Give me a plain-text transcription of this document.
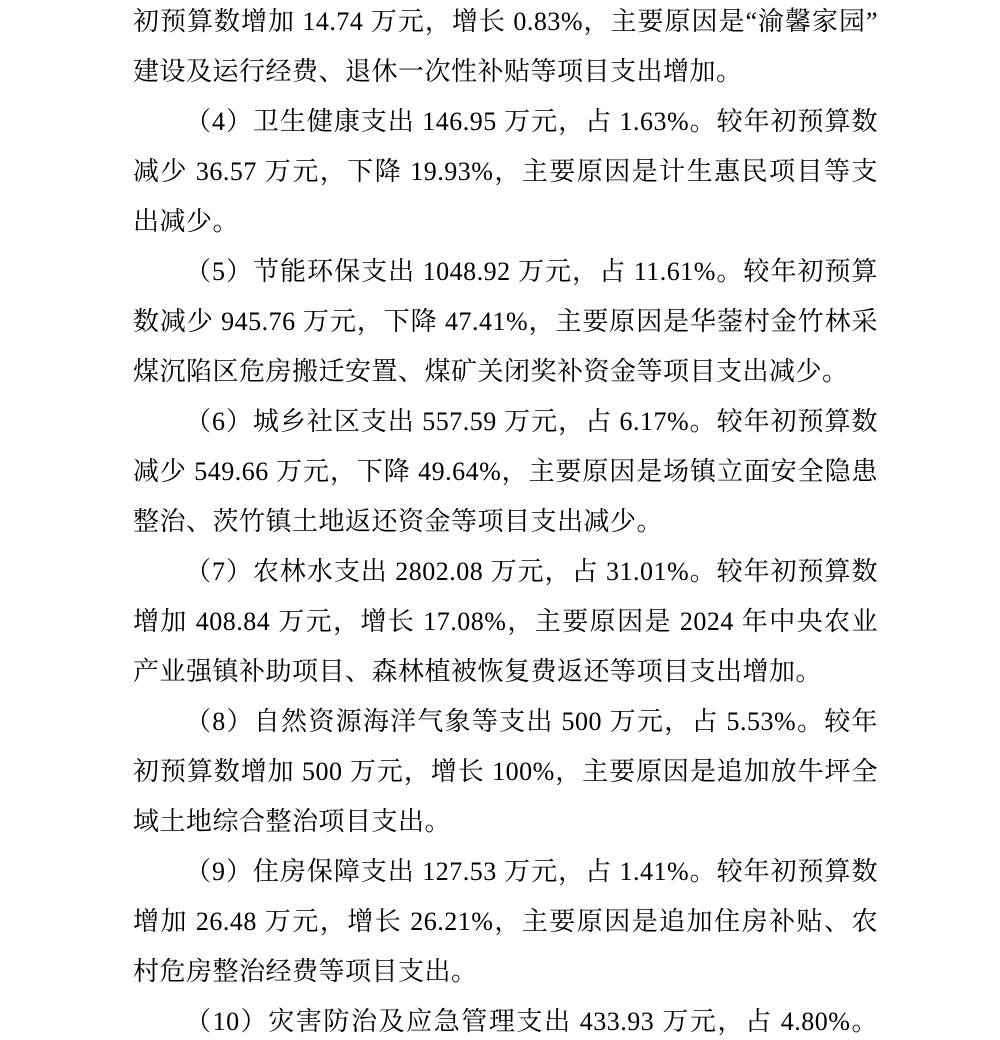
初预算数增加 14.74 万元，增长 0.83%，主要原因是“渝馨家园”
建设及运行经费、退休一次性补贴等项目支出增加。

（4）卫生健康支出 146.95 万元，占 1.63%。较年初预算数
减少 36.57 万元，下降 19.93%，主要原因是计生惠民项目等支
出减少。

（5）节能环保支出 1048.92 万元，占 11.61%。较年初预算
数减少 945.76 万元，下降 47.41%，主要原因是华蓥村金竹林采
煤沉陷区危房搬迁安置、煤矿关闭奖补资金等项目支出减少。

（6）城乡社区支出 557.59 万元，占 6.17%。较年初预算数
减少 549.66 万元，下降 49.64%，主要原因是场镇立面安全隐患
整治、茨竹镇土地返还资金等项目支出减少。

（7）农林水支出 2802.08 万元，占 31.01%。较年初预算数
增加 408.84 万元，增长 17.08%，主要原因是 2024 年中央农业
产业强镇补助项目、森林植被恢复费返还等项目支出增加。

（8）自然资源海洋气象等支出 500 万元，占 5.53%。较年
初预算数增加 500 万元，增长 100%，主要原因是追加放牛坪全
域土地综合整治项目支出。

（9）住房保障支出 127.53 万元，占 1.41%。较年初预算数
增加 26.48 万元，增长 26.21%，主要原因是追加住房补贴、农
村危房整治经费等项目支出。

（10）灾害防治及应急管理支出 433.93 万元，占 4.80%。
